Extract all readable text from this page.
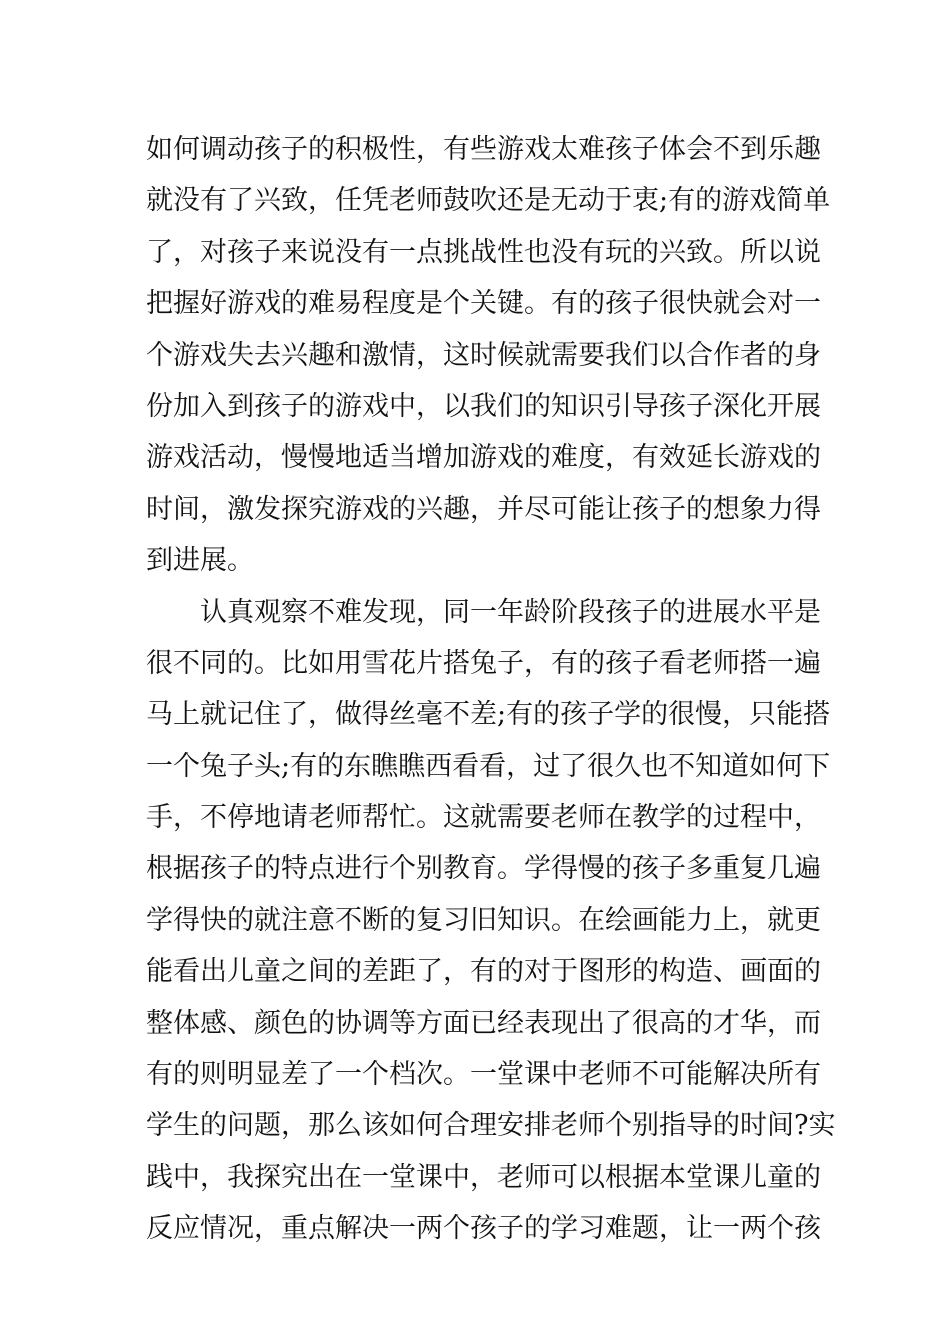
如何调动孩子的积极性，有些游戏太难孩子体会不到乐趣
就没有了兴致，任凭老师鼓吹还是无动于衷;有的游戏简单
了，对孩子来说没有一点挑战性也没有玩的兴致。所以说
把握好游戏的难易程度是个关键。有的孩子很快就会对一
个游戏失去兴趣和激情，这时候就需要我们以合作者的身
份加入到孩子的游戏中，以我们的知识引导孩子深化开展
游戏活动，慢慢地适当增加游戏的难度，有效延长游戏的
时间，激发探究游戏的兴趣，并尽可能让孩子的想象力得
到进展。
认真观察不难发现，同一年龄阶段孩子的进展水平是
很不同的。比如用雪花片搭兔子，有的孩子看老师搭一遍
马上就记住了，做得丝毫不差;有的孩子学的很慢，只能搭
一个兔子头;有的东瞧瞧西看看，过了很久也不知道如何下
手，不停地请老师帮忙。这就需要老师在教学的过程中，
根据孩子的特点进行个别教育。学得慢的孩子多重复几遍
学得快的就注意不断的复习旧知识。在绘画能力上，就更
能看出儿童之间的差距了，有的对于图形的构造、画面的
整体感、颜色的协调等方面已经表现出了很高的才华，而
有的则明显差了一个档次。一堂课中老师不可能解决所有
学生的问题，那么该如何合理安排老师个别指导的时间?实
践中，我探究出在一堂课中，老师可以根据本堂课儿童的
反应情况，重点解决一两个孩子的学习难题，让一两个孩
